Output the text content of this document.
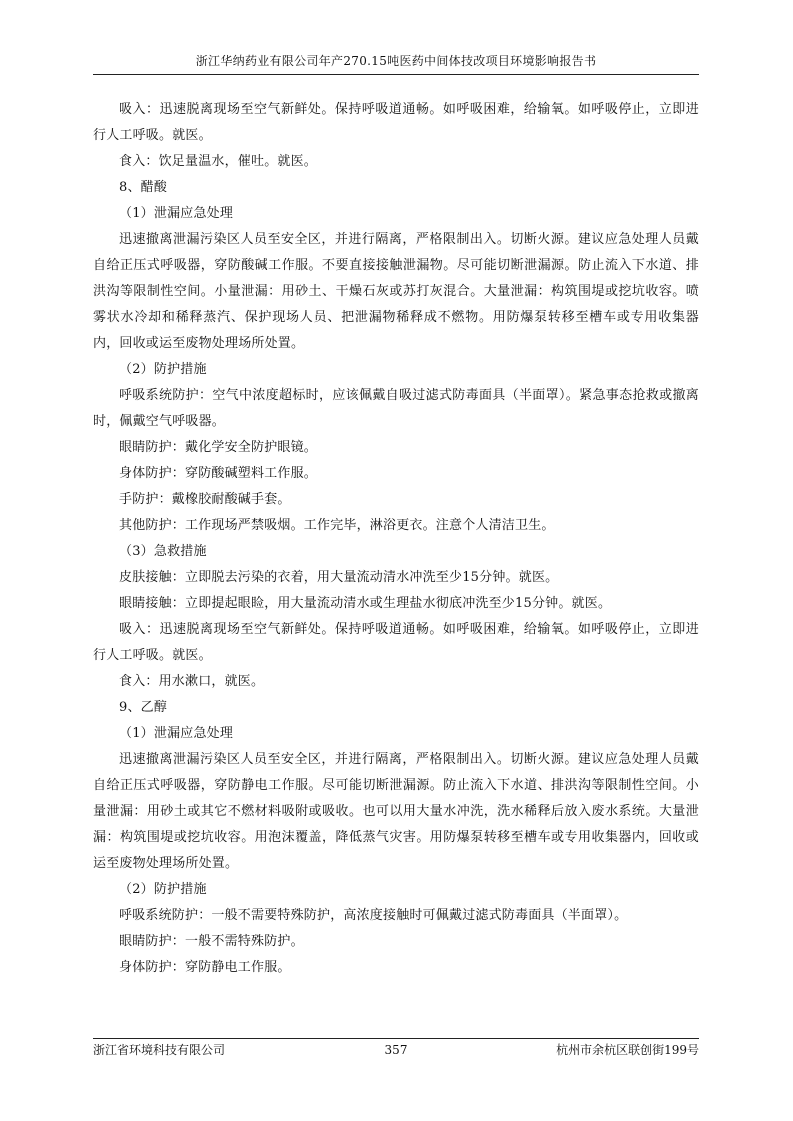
浙江华纳药业有限公司年产270.15吨医药中间体技改项目环境影响报告书

吸入：迅速脱离现场至空气新鲜处。保持呼吸道通畅。如呼吸困难，给输氧。如呼吸停止，立即进行人工呼吸。就医。

食入：饮足量温水，催吐。就医。

8、醋酸

（1）泄漏应急处理

迅速撤离泄漏污染区人员至安全区，并进行隔离，严格限制出入。切断火源。建议应急处理人员戴自给正压式呼吸器，穿防酸碱工作服。不要直接接触泄漏物。尽可能切断泄漏源。防止流入下水道、排洪沟等限制性空间。小量泄漏：用砂土、干燥石灰或苏打灰混合。大量泄漏：构筑围堤或挖坑收容。喷雾状水冷却和稀释蒸汽、保护现场人员、把泄漏物稀释成不燃物。用防爆泵转移至槽车或专用收集器内，回收或运至废物处理场所处置。

（2）防护措施

呼吸系统防护：空气中浓度超标时，应该佩戴自吸过滤式防毒面具（半面罩）。紧急事态抢救或撤离时，佩戴空气呼吸器。

眼睛防护：戴化学安全防护眼镜。

身体防护：穿防酸碱塑料工作服。

手防护：戴橡胶耐酸碱手套。

其他防护：工作现场严禁吸烟。工作完毕，淋浴更衣。注意个人清洁卫生。

（3）急救措施

皮肤接触：立即脱去污染的衣着，用大量流动清水冲洗至少15分钟。就医。

眼睛接触：立即提起眼睑，用大量流动清水或生理盐水彻底冲洗至少15分钟。就医。

吸入：迅速脱离现场至空气新鲜处。保持呼吸道通畅。如呼吸困难，给输氧。如呼吸停止，立即进行人工呼吸。就医。

食入：用水漱口，就医。

9、乙醇

（1）泄漏应急处理

迅速撤离泄漏污染区人员至安全区，并进行隔离，严格限制出入。切断火源。建议应急处理人员戴自给正压式呼吸器，穿防静电工作服。尽可能切断泄漏源。防止流入下水道、排洪沟等限制性空间。小量泄漏：用砂土或其它不燃材料吸附或吸收。也可以用大量水冲洗，洗水稀释后放入废水系统。大量泄漏：构筑围堤或挖坑收容。用泡沫覆盖，降低蒸气灾害。用防爆泵转移至槽车或专用收集器内，回收或运至废物处理场所处置。

（2）防护措施

呼吸系统防护：一般不需要特殊防护，高浓度接触时可佩戴过滤式防毒面具（半面罩）。

眼睛防护：一般不需特殊防护。

身体防护：穿防静电工作服。

浙江省环境科技有限公司	357	杭州市余杭区联创街199号
